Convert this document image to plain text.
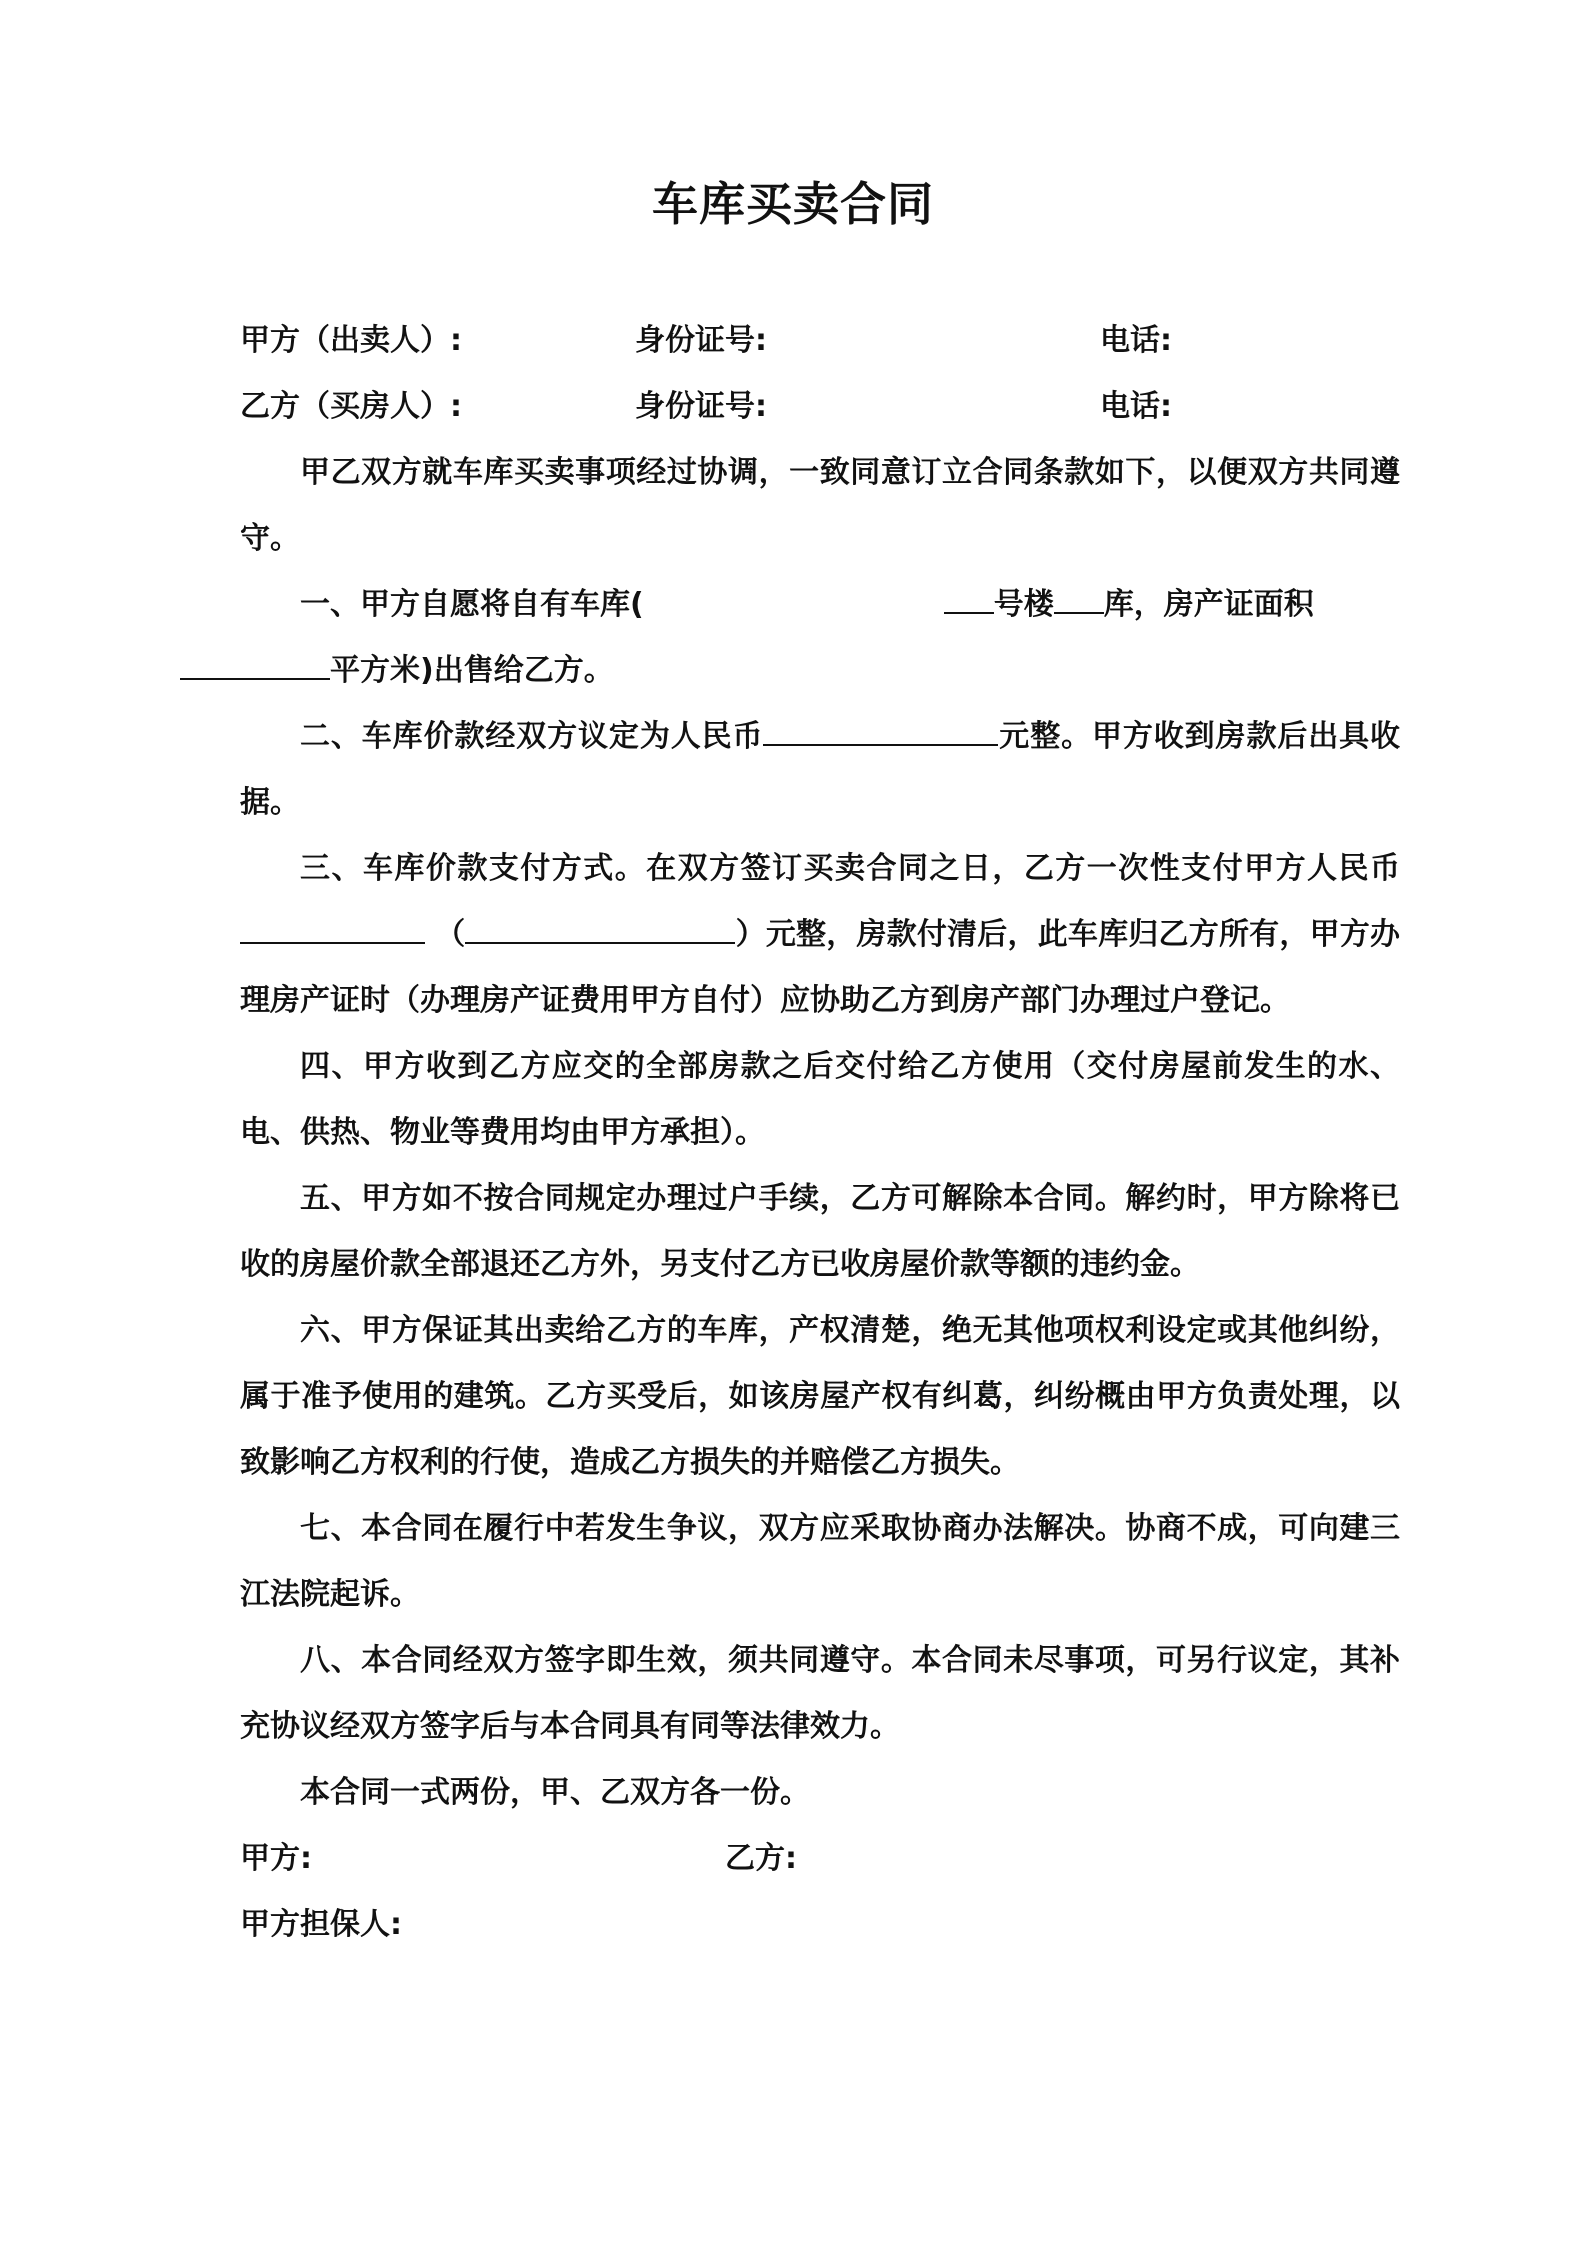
车库买卖合同
甲方（出卖人）:	身份证号:	电话:
乙方（买房人）:	身份证号:	电话:
甲乙双方就车库买卖事项经过协调，一致同意订立合同条款如下，以便双方共同遵守。
一、甲方自愿将自有车库(	号楼 库，房产证面积
平方米)出售给乙方。
二、车库价款经双方议定为人民币	元整。甲方收到房款后出具收据。
三、车库价款支付方式。在双方签订买卖合同之日，乙方一次性支付甲方人民币（	）元整，房款付清后，此车库归乙方所有，甲方办理房产证时（办理房产证费用甲方自付）应协助乙方到房产部门办理过户登记。
四、甲方收到乙方应交的全部房款之后交付给乙方使用（交付房屋前发生的水、电、供热、物业等费用均由甲方承担）。
五、甲方如不按合同规定办理过户手续，乙方可解除本合同。解约时，甲方除将已收的房屋价款全部退还乙方外，另支付乙方已收房屋价款等额的违约金。
六、甲方保证其出卖给乙方的车库，产权清楚，绝无其他项权利设定或其他纠纷，属于准予使用的建筑。乙方买受后，如该房屋产权有纠葛，纠纷概由甲方负责处理，以致影响乙方权利的行使，造成乙方损失的并赔偿乙方损失。
七、本合同在履行中若发生争议，双方应采取协商办法解决。协商不成，可向建三江法院起诉。
八、本合同经双方签字即生效，须共同遵守。本合同未尽事项，可另行议定，其补充协议经双方签字后与本合同具有同等法律效力。
本合同一式两份，甲、乙双方各一份。
甲方:	乙方:
甲方担保人:
